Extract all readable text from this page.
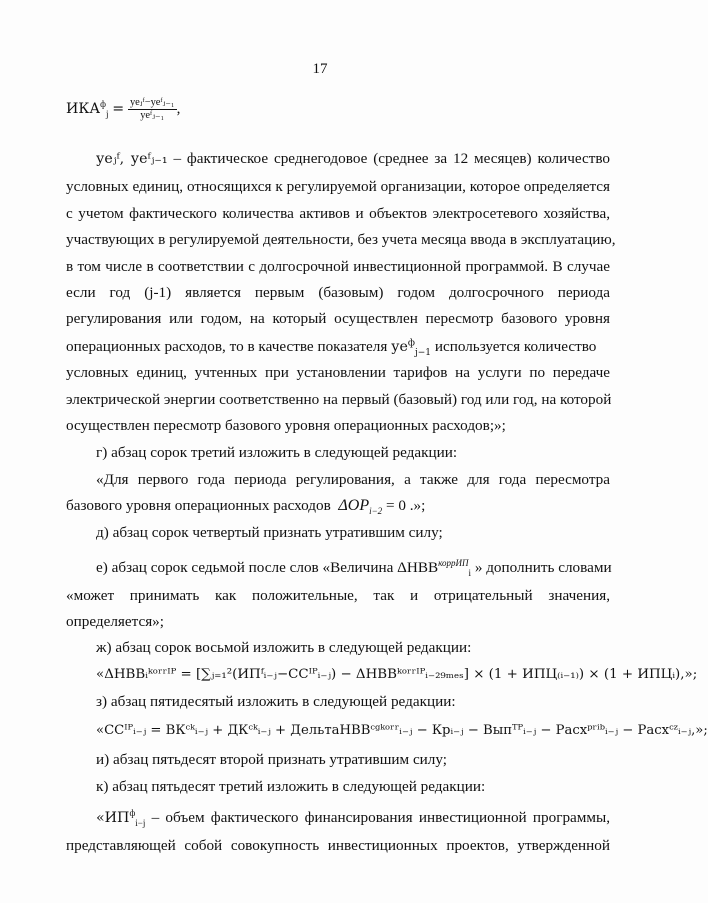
17
$ИКА^ф_j = \frac{\text{уеⱼᶠ−уеᶠⱼ₋₁}}{\text{уеᶠⱼ₋₁}}$ ,
уеⱼᶠ, уеᶠⱼ₋₁ – фактическое среднегодовое (среднее за 12 месяцев) количество
условных единиц, относящихся к регулируемой организации, которое определяется
с учетом фактического количества активов и объектов электросетевого хозяйства,
участвующих в регулируемой деятельности, без учета месяца ввода в эксплуатацию,
в том числе в соответствии с долгосрочной инвестиционной программой. В случае
если год (j-1) является первым (базовым) годом долгосрочного периода
регулирования или годом, на который осуществлен пересмотр базового уровня
операционных расходов, то в качестве показателя $уе^ф_{j-1}$ используется количество
условных единиц, учтенных при установлении тарифов на услуги по передаче
электрической энергии соответственно на первый (базовый) год или год, на которой
осуществлен пересмотр базового уровня операционных расходов;»;
г) абзац сорок третий изложить в следующей редакции:
«Для первого года периода регулирования, а также для года пересмотра
базового уровня операционных расходов $\Delta OP_{i-2} = 0$ .»;
д) абзац сорок четвертый признать утратившим силу;
е) абзац сорок седьмой после слов «Величина $\Delta НВВ^{коррИП}_i$ » дополнить словами
«может принимать как положительные, так и отрицательный значения,
определяется»;
ж) абзац сорок восьмой изложить в следующей редакции:
«ΔНВВᵢᵏᵒʳʳᴵᴾ = [∑ⱼ₌₁²(ИПᶠᵢ₋ⱼ−ССᴵᴾᵢ₋ⱼ) − ΔНВВᵏᵒʳʳᴵᴾᵢ₋₂₉ₘₑₛ] × (1 + ИПЦ₍ᵢ₋₁₎) × (1 + ИПЦᵢ),»;
з) абзац пятидесятый изложить в следующей редакции:
«ССᴵᴾᵢ₋ⱼ = ВКᶜᵏᵢ₋ⱼ + ДКᶜᵏᵢ₋ⱼ + ДельтаНВВᶜᵍᵏᵒʳʳᵢ₋ⱼ − Крᵢ₋ⱼ − Выпᵀᴾᵢ₋ⱼ − Расхᵖʳⁱᵇᵢ₋ⱼ − Расхᶜᶻᵢ₋ⱼ,»;
и) абзац пятьдесят второй признать утратившим силу;
к) абзац пятьдесят третий изложить в следующей редакции:
«$ИП^ф_{i-j}$ – объем фактического финансирования инвестиционной программы,
представляющей собой совокупность инвестиционных проектов, утвержденной
